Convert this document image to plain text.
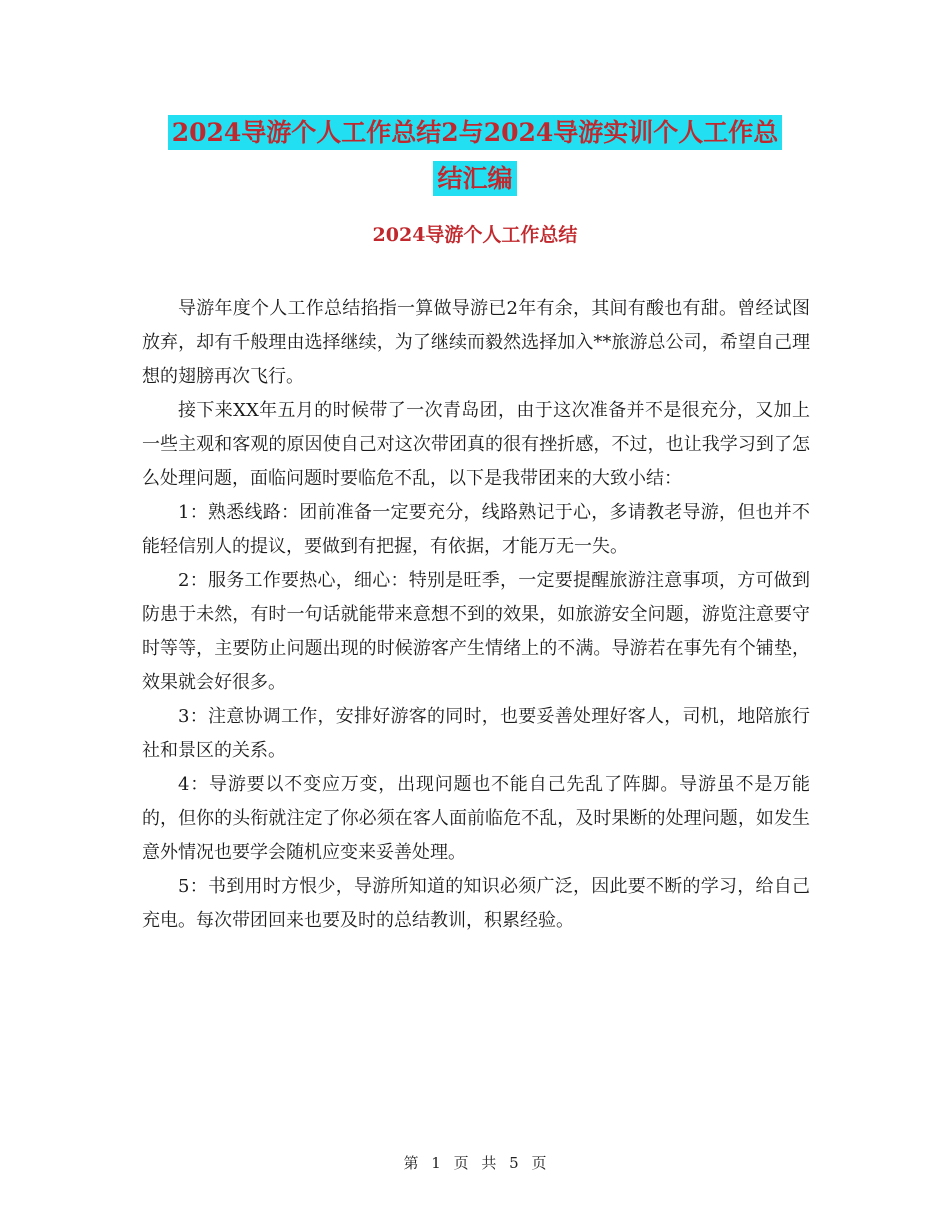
2024导游个人工作总结2与2024导游实训个人工作总
结汇编
2024导游个人工作总结

导游年度个人工作总结掐指一算做导游已2年有余，其间有酸也有甜。曾经试图放弃，却有千般理由选择继续，为了继续而毅然选择加入**旅游总公司，希望自己理想的翅膀再次飞行。

接下来XX年五月的时候带了一次青岛团，由于这次准备并不是很充分，又加上一些主观和客观的原因使自己对这次带团真的很有挫折感，不过，也让我学习到了怎么处理问题，面临问题时要临危不乱，以下是我带团来的大致小结：

1：熟悉线路：团前准备一定要充分，线路熟记于心，多请教老导游，但也并不能轻信别人的提议，要做到有把握，有依据，才能万无一失。

2：服务工作要热心，细心：特别是旺季，一定要提醒旅游注意事项，方可做到防患于未然，有时一句话就能带来意想不到的效果，如旅游安全问题，游览注意要守时等等，主要防止问题出现的时候游客产生情绪上的不满。导游若在事先有个铺垫，效果就会好很多。

3：注意协调工作，安排好游客的同时，也要妥善处理好客人，司机，地陪旅行社和景区的关系。

4：导游要以不变应万变，出现问题也不能自己先乱了阵脚。导游虽不是万能的，但你的头衔就注定了你必须在客人面前临危不乱，及时果断的处理问题，如发生意外情况也要学会随机应变来妥善处理。

5：书到用时方恨少，导游所知道的知识必须广泛，因此要不断的学习，给自己充电。每次带团回来也要及时的总结教训，积累经验。

第 1 页 共 5 页
